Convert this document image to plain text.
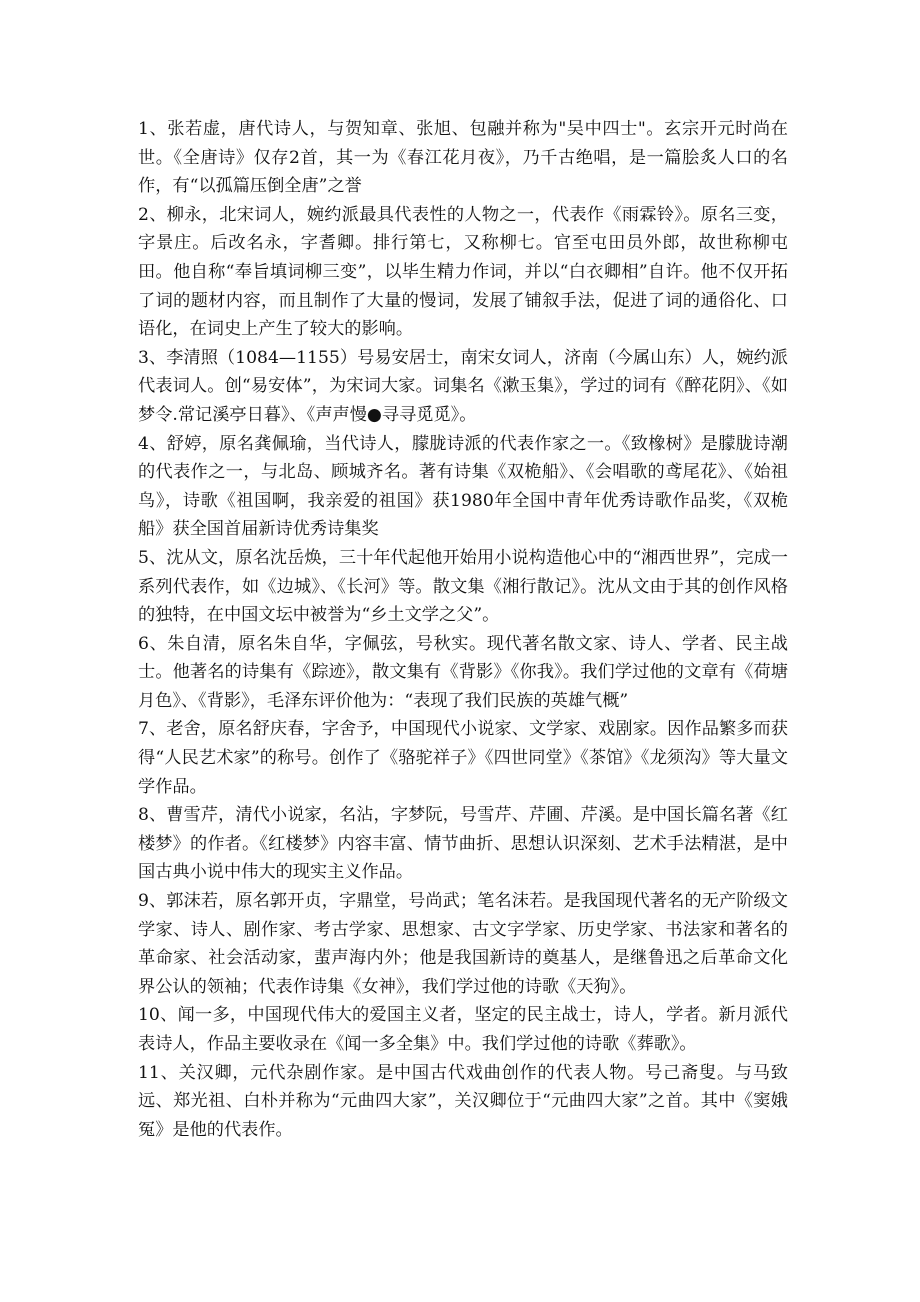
1、张若虚，唐代诗人，与贺知章、张旭、包融并称为"吴中四士"。玄宗开元时尚在世。《全唐诗》仅存2首，其一为《春江花月夜》，乃千古绝唱，是一篇脍炙人口的名作，有“以孤篇压倒全唐”之誉

2、柳永，北宋词人，婉约派最具代表性的人物之一，代表作《雨霖铃》。原名三变，字景庄。后改名永，字耆卿。排行第七，又称柳七。官至屯田员外郎，故世称柳屯田。他自称“奉旨填词柳三变”，以毕生精力作词，并以“白衣卿相”自许。他不仅开拓了词的题材内容，而且制作了大量的慢词，发展了铺叙手法，促进了词的通俗化、口语化，在词史上产生了较大的影响。

3、李清照（1084—1155）号易安居士，南宋女词人，济南（今属山东）人，婉约派代表词人。创“易安体”，为宋词大家。词集名《漱玉集》，学过的词有《醉花阴》、《如梦令.常记溪亭日暮》、《声声慢●寻寻觅觅》。

4、舒婷，原名龚佩瑜，当代诗人，朦胧诗派的代表作家之一。《致橡树》是朦胧诗潮的代表作之一，与北岛、顾城齐名。著有诗集《双桅船》、《会唱歌的鸢尾花》、《始祖鸟》，诗歌《祖国啊，我亲爱的祖国》获1980年全国中青年优秀诗歌作品奖，《双桅船》获全国首届新诗优秀诗集奖

5、沈从文，原名沈岳焕，三十年代起他开始用小说构造他心中的“湘西世界”，完成一系列代表作，如《边城》、《长河》等。散文集《湘行散记》。沈从文由于其的创作风格的独特，在中国文坛中被誉为“乡土文学之父”。

6、朱自清，原名朱自华，字佩弦，号秋实。现代著名散文家、诗人、学者、民主战士。他著名的诗集有《踪迹》，散文集有《背影》《你我》。我们学过他的文章有《荷塘月色》、《背影》，毛泽东评价他为：“表现了我们民族的英雄气概”

7、老舍，原名舒庆春，字舍予，中国现代小说家、文学家、戏剧家。因作品繁多而获得“人民艺术家”的称号。创作了《骆驼祥子》《四世同堂》《茶馆》《龙须沟》等大量文学作品。

8、曹雪芹，清代小说家，名沾，字梦阮，号雪芹、芹圃、芹溪。是中国长篇名著《红楼梦》的作者。《红楼梦》内容丰富、情节曲折、思想认识深刻、艺术手法精湛，是中国古典小说中伟大的现实主义作品。

9、郭沫若，原名郭开贞，字鼎堂，号尚武；笔名沫若。是我国现代著名的无产阶级文学家、诗人、剧作家、考古学家、思想家、古文字学家、历史学家、书法家和著名的革命家、社会活动家，蜚声海内外；他是我国新诗的奠基人，是继鲁迅之后革命文化界公认的领袖；代表作诗集《女神》，我们学过他的诗歌《天狗》。

10、闻一多，中国现代伟大的爱国主义者，坚定的民主战士，诗人，学者。新月派代表诗人，作品主要收录在《闻一多全集》中。我们学过他的诗歌《葬歌》。

11、关汉卿，元代杂剧作家。是中国古代戏曲创作的代表人物。号己斋叟。与马致远、郑光祖、白朴并称为“元曲四大家”，关汉卿位于“元曲四大家”之首。其中《窦娥冤》是他的代表作。
